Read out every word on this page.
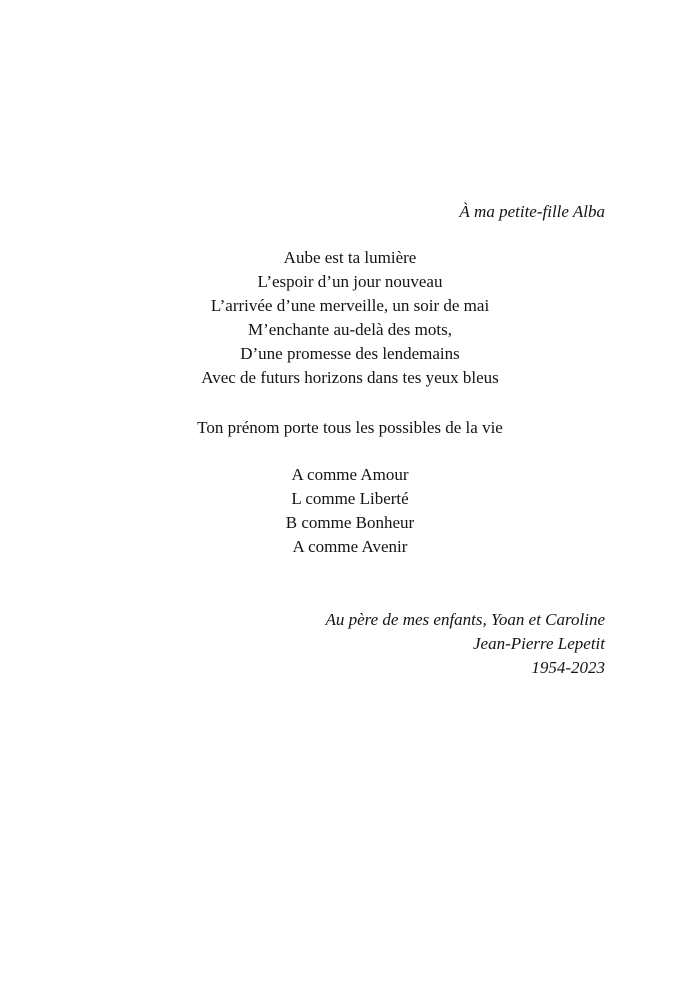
À ma petite-fille Alba
Aube est ta lumière
L’espoir d’un jour nouveau
L’arrivée d’une merveille, un soir de mai
M’enchante au-delà des mots,
D’une promesse des lendemains
Avec de futurs horizons dans tes yeux bleus
Ton prénom porte tous les possibles de la vie
A comme Amour
L comme Liberté
B comme Bonheur
A comme Avenir
Au père de mes enfants, Yoan et Caroline
Jean-Pierre Lepetit
1954-2023
